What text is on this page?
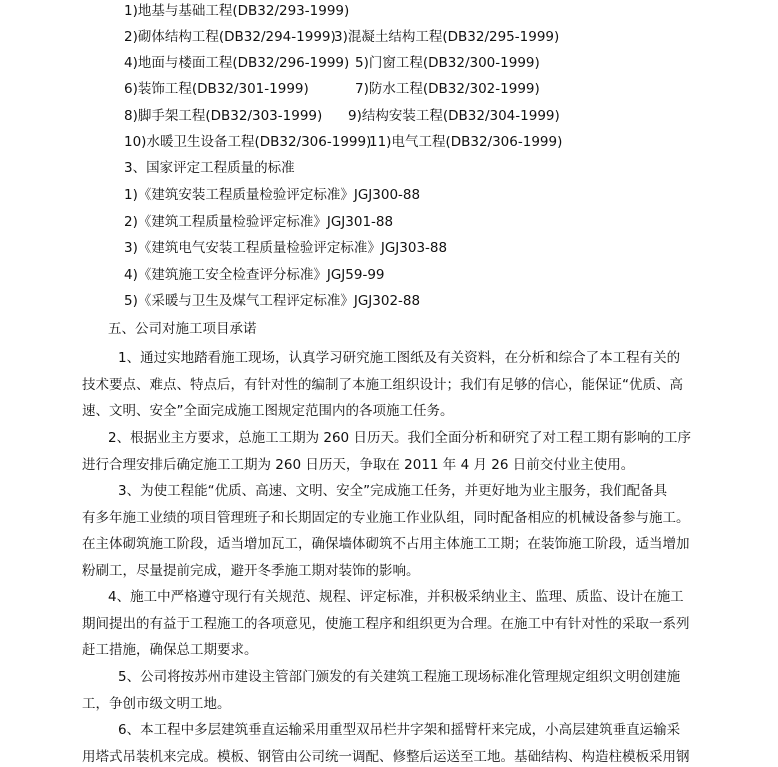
1)地基与基础工程(DB32/293-1999)
2)砌体结构工程(DB32/294-1999)
3)混凝土结构工程(DB32/295-1999)
4)地面与楼面工程(DB32/296-1999) 5)门窗工程(DB32/300-1999)
6)装饰工程(DB32/301-1999)	7)防水工程(DB32/302-1999)
8)脚手架工程(DB32/303-1999) 9)结构安装工程(DB32/304-1999)
10)水暖卫生设备工程(DB32/306-1999)
11)电气工程(DB32/306-1999)
3、国家评定工程质量的标准
1)《建筑安装工程质量检验评定标准》JGJ300-88
2)《建筑工程质量检验评定标准》JGJ301-88
3)《建筑电气安装工程质量检验评定标准》JGJ303-88
4)《建筑施工安全检查评分标准》JGJ59-99
5)《采暖与卫生及煤气工程评定标准》JGJ302-88
五、公司对施工项目承诺
1、通过实地踏看施工现场，认真学习研究施工图纸及有关资料，在分析和综合了本工程有关的
技术要点、难点、特点后，有针对性的编制了本施工组织设计；我们有足够的信心，能保证“优质、高
速、文明、安全”全面完成施工图规定范围内的各项施工任务。
2、根据业主方要求，总施工工期为 260 日历天。我们全面分析和研究了对工程工期有影响的工序
进行合理安排后确定施工工期为 260 日历天，争取在 2011 年 4 月 26 日前交付业主使用。
3、为使工程能“优质、高速、文明、安全”完成施工任务，并更好地为业主服务，我们配备具
有多年施工业绩的项目管理班子和长期固定的专业施工作业队组，同时配备相应的机械设备参与施工。
在主体砌筑施工阶段，适当增加瓦工，确保墙体砌筑不占用主体施工工期；在装饰施工阶段，适当增加
粉刷工，尽量提前完成，避开冬季施工期对装饰的影响。
4、施工中严格遵守现行有关规范、规程、评定标准，并积极采纳业主、监理、质监、设计在施工
期间提出的有益于工程施工的各项意见，使施工程序和组织更为合理。在施工中有针对性的采取一系列
赶工措施，确保总工期要求。
5、公司将按苏州市建设主管部门颁发的有关建筑工程施工现场标准化管理规定组织文明创建施
工，争创市级文明工地。
6、本工程中多层建筑垂直运输采用重型双吊栏井字架和摇臂杆来完成，小高层建筑垂直运输采
用塔式吊装机来完成。模板、钢管由公司统一调配、修整后运送至工地。基础结构、构造柱模板采用钢
